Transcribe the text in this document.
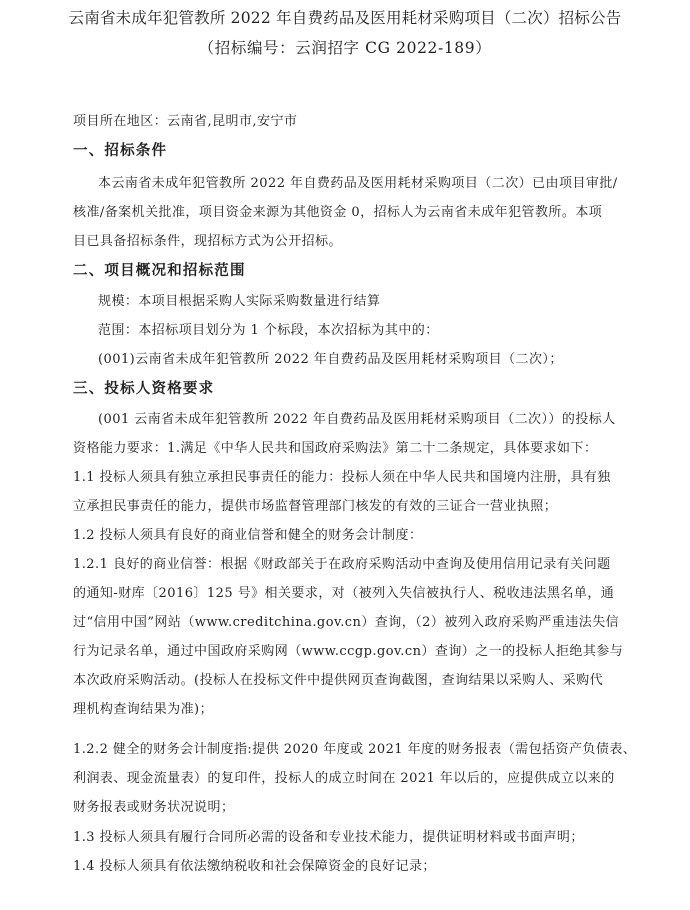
云南省未成年犯管教所 2022 年自费药品及医用耗材采购项目（二次）招标公告
（招标编号：云润招字 CG 2022-189）
项目所在地区：云南省,昆明市,安宁市
一、招标条件
本云南省未成年犯管教所 2022 年自费药品及医用耗材采购项目（二次）已由项目审批/
核准/备案机关批准，项目资金来源为其他资金 0，招标人为云南省未成年犯管教所。本项
目已具备招标条件，现招标方式为公开招标。
二、项目概况和招标范围
规模：本项目根据采购人实际采购数量进行结算
范围：本招标项目划分为 1 个标段，本次招标为其中的：
(001)云南省未成年犯管教所 2022 年自费药品及医用耗材采购项目（二次）；
三、投标人资格要求
(001 云南省未成年犯管教所 2022 年自费药品及医用耗材采购项目（二次））的投标人
资格能力要求：1.满足《中华人民共和国政府采购法》第二十二条规定，具体要求如下：
1.1 投标人须具有独立承担民事责任的能力：投标人须在中华人民共和国境内注册，具有独
立承担民事责任的能力，提供市场监督管理部门核发的有效的三证合一营业执照；
1.2 投标人须具有良好的商业信誉和健全的财务会计制度：
1.2.1 良好的商业信誉：根据《财政部关于在政府采购活动中查询及使用信用记录有关问题
的通知-财库〔2016〕125 号》相关要求，对（被列入失信被执行人、税收违法黑名单，通
过“信用中国”网站（www.creditchina.gov.cn）查询，（2）被列入政府采购严重违法失信
行为记录名单，通过中国政府采购网（www.ccgp.gov.cn）查询）之一的投标人拒绝其参与
本次政府采购活动。(投标人在投标文件中提供网页查询截图，查询结果以采购人、采购代
理机构查询结果为准)；
1.2.2 健全的财务会计制度指:提供 2020 年度或 2021 年度的财务报表（需包括资产负债表、
利润表、现金流量表）的复印件，投标人的成立时间在 2021 年以后的，应提供成立以来的
财务报表或财务状况说明；
1.3 投标人须具有履行合同所必需的设备和专业技术能力，提供证明材料或书面声明；
1.4 投标人须具有依法缴纳税收和社会保障资金的良好记录；
